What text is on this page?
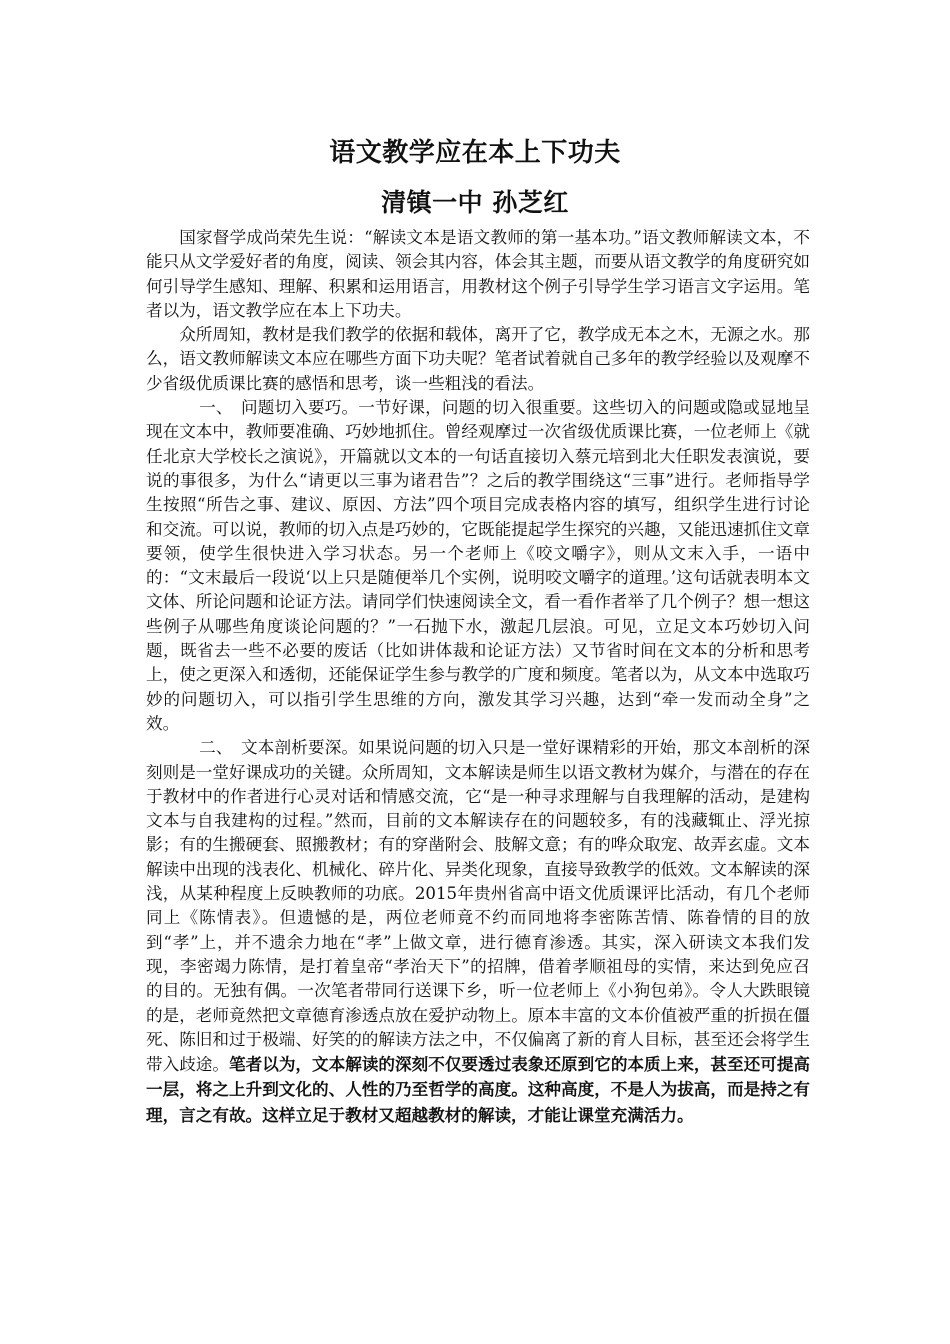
语文教学应在本上下功夫
清镇一中 孙芝红

国家督学成尚荣先生说：“解读文本是语文教师的第一基本功。”语文教师解读文本，不能只从文学爱好者的角度，阅读、领会其内容，体会其主题，而要从语文教学的角度研究如何引导学生感知、理解、积累和运用语言，用教材这个例子引导学生学习语言文字运用。笔者以为，语文教学应在本上下功夫。

众所周知，教材是我们教学的依据和载体，离开了它，教学成无本之木，无源之水。那么，语文教师解读文本应在哪些方面下功夫呢？笔者试着就自己多年的教学经验以及观摩不少省级优质课比赛的感悟和思考，谈一些粗浅的看法。

一、　问题切入要巧。一节好课，问题的切入很重要。这些切入的问题或隐或显地呈现在文本中，教师要准确、巧妙地抓住。曾经观摩过一次省级优质课比赛，一位老师上《就任北京大学校长之演说》，开篇就以文本的一句话直接切入蔡元培到北大任职发表演说，要说的事很多，为什么“请更以三事为诸君告”？之后的教学围绕这“三事”进行。老师指导学生按照“所告之事、建议、原因、方法”四个项目完成表格内容的填写，组织学生进行讨论和交流。可以说，教师的切入点是巧妙的，它既能提起学生探究的兴趣，又能迅速抓住文章要领，使学生很快进入学习状态。另一个老师上《咬文嚼字》，则从文末入手，一语中的：“文末最后一段说‘以上只是随便举几个实例，说明咬文嚼字的道理。’这句话就表明本文文体、所论问题和论证方法。请同学们快速阅读全文，看一看作者举了几个例子？想一想这些例子从哪些角度谈论问题的？”一石抛下水，激起几层浪。可见，立足文本巧妙切入问题，既省去一些不必要的废话（比如讲体裁和论证方法）又节省时间在文本的分析和思考上，使之更深入和透彻，还能保证学生参与教学的广度和频度。笔者以为，从文本中选取巧妙的问题切入，可以指引学生思维的方向，激发其学习兴趣，达到“牵一发而动全身”之效。

二、　文本剖析要深。如果说问题的切入只是一堂好课精彩的开始，那文本剖析的深刻则是一堂好课成功的关键。众所周知，文本解读是师生以语文教材为媒介，与潜在的存在于教材中的作者进行心灵对话和情感交流，它“是一种寻求理解与自我理解的活动，是建构文本与自我建构的过程。”然而，目前的文本解读存在的问题较多，有的浅藏辄止、浮光掠影；有的生搬硬套、照搬教材；有的穿凿附会、肢解文意；有的哗众取宠、故弄玄虚。文本解读中出现的浅表化、机械化、碎片化、异类化现象，直接导致教学的低效。文本解读的深浅，从某种程度上反映教师的功底。2015年贵州省高中语文优质课评比活动，有几个老师同上《陈情表》。但遗憾的是，两位老师竟不约而同地将李密陈苦情、陈眷情的目的放到“孝”上，并不遗余力地在“孝”上做文章，进行德育渗透。其实，深入研读文本我们发现，李密竭力陈情，是打着皇帝“孝治天下”的招牌，借着孝顺祖母的实情，来达到免应召的目的。无独有偶。一次笔者带同行送课下乡，听一位老师上《小狗包弟》。令人大跌眼镜的是，老师竟然把文章德育渗透点放在爱护动物上。原本丰富的文本价值被严重的折损在僵死、陈旧和过于极端、好笑的的解读方法之中，不仅偏离了新的育人目标，甚至还会将学生带入歧途。笔者以为，文本解读的深刻不仅要透过表象还原到它的本质上来，甚至还可提高一层，将之上升到文化的、人性的乃至哲学的高度。这种高度，不是人为拔高，而是持之有理，言之有故。这样立足于教材又超越教材的解读，才能让课堂充满活力。
